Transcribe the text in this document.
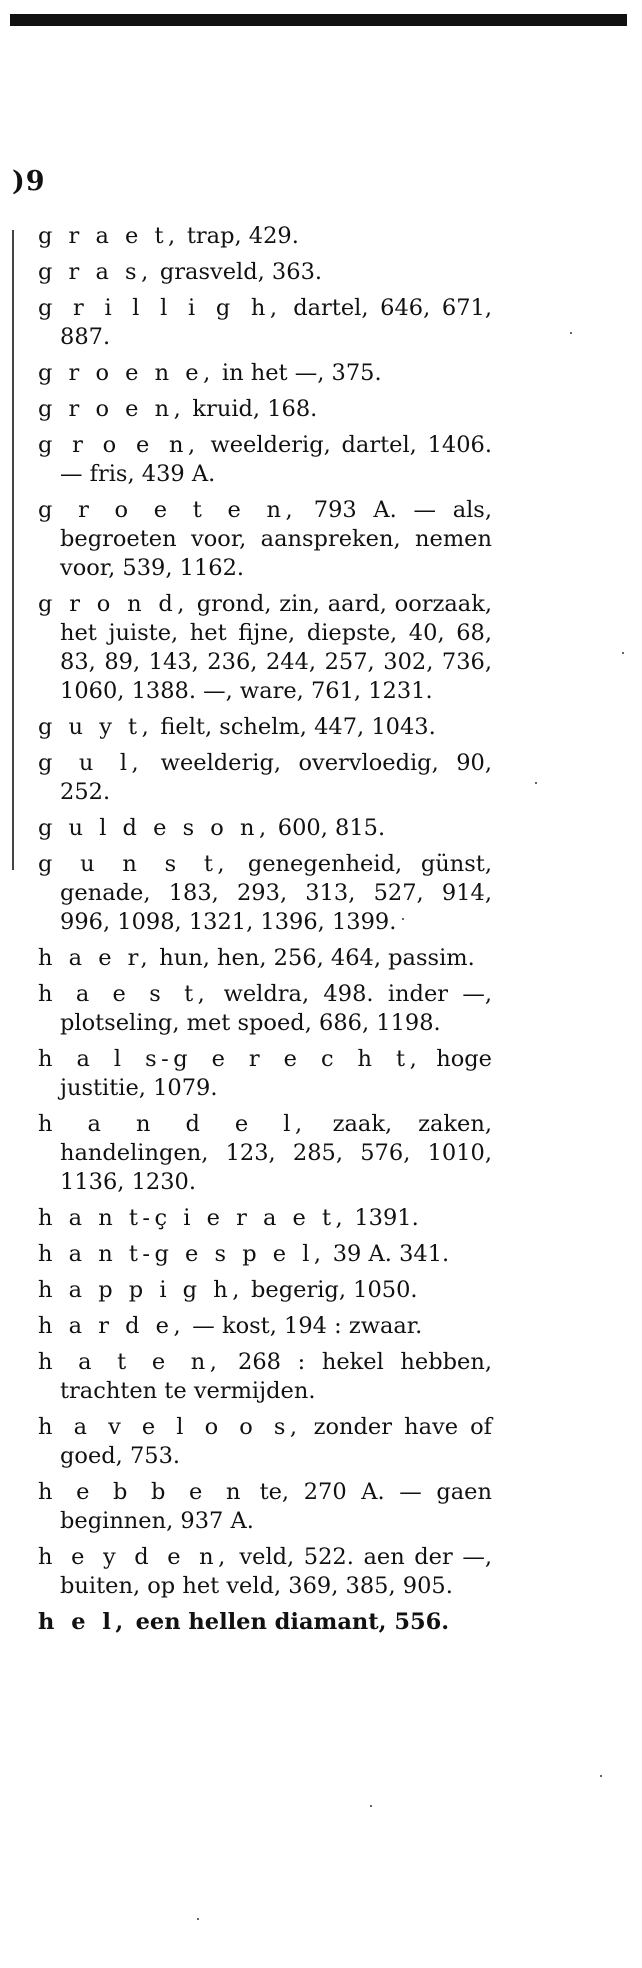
)9
g r a e t, trap, 429.
g r a s, grasveld, 363.
g r i l l i g h, dartel, 646, 671, 887.
g r o e n e, in het —, 375.
g r o e n, kruid, 168.
g r o e n, weelderig, dartel, 1406. — fris, 439 A.
g r o e t e n, 793 A. — als, begroeten voor, aanspreken, nemen voor, 539, 1162.
g r o n d, grond, zin, aard, oorzaak, het juiste, het fijne, diepste, 40, 68, 83, 89, 143, 236, 244, 257, 302, 736, 1060, 1388. —, ware, 761, 1231.
g u y t, fielt, schelm, 447, 1043.
g u l, weelderig, overvloedig, 90, 252.
g u l d e s o n, 600, 815.
g u n s t, genegenheid, günst, genade, 183, 293, 313, 527, 914, 996, 1098, 1321, 1396, 1399.
h a e r, hun, hen, 256, 464, passim.
h a e s t, weldra, 498. inder —, plotseling, met spoed, 686, 1198.
h a l s-g e r e c h t, hoge justitie, 1079.
h a n d e l, zaak, zaken, handelingen, 123, 285, 576, 1010, 1136, 1230.
h a n t-ç i e r a e t, 1391.
h a n t-g e s p e l, 39 A. 341.
h a p p i g h, begerig, 1050.
h a r d e, — kost, 194 : zwaar.
h a t e n, 268 : hekel hebben, trachten te vermijden.
h a v e l o o s, zonder have of goed, 753.
h e b b e n te, 270 A. — gaen beginnen, 937 A.
h e y d e n, veld, 522. aen der —, buiten, op het veld, 369, 385, 905.
h e l, een hellen diamant, 556.
